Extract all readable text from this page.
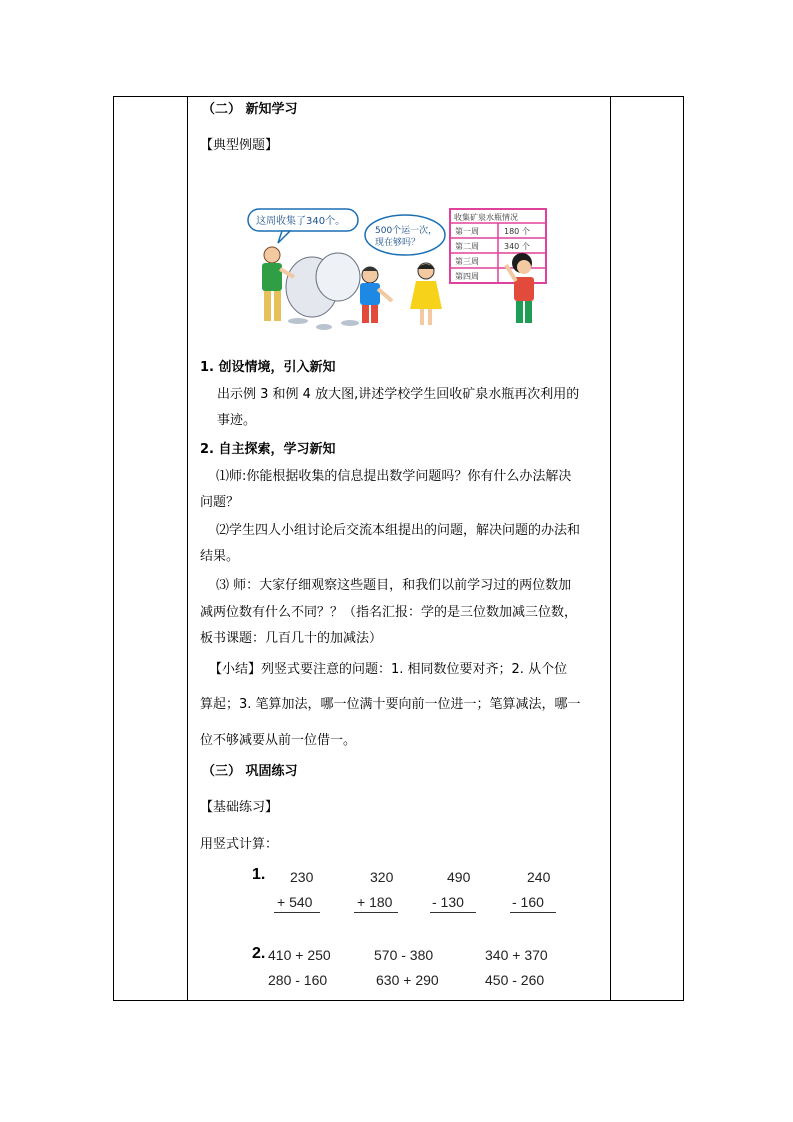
（二） 新知学习
【典型例题】
这周收集了340个。
500个运一次，
现在够吗？
收集矿泉水瓶情况
第一周	180 个
第二周	340 个
第三周
第四周
1. 创设情境，引入新知
出示例 3 和例 4 放大图,讲述学校学生回收矿泉水瓶再次利用的
事迹。
2. 自主探索，学习新知
⑴师:你能根据收集的信息提出数学问题吗？你有什么办法解决
问题？
⑵学生四人小组讨论后交流本组提出的问题，解决问题的办法和
结果。
⑶ 师：大家仔细观察这些题目，和我们以前学习过的两位数加
减两位数有什么不同？？（指名汇报：学的是三位数加减三位数，
板书课题：几百几十的加减法）
【小结】列竖式要注意的问题：1. 相同数位要对齐；2. 从个位
算起；3. 笔算加法，哪一位满十要向前一位进一；笔算减法，哪一
位不够减要从前一位借一。
（三） 巩固练习
【基础练习】
用竖式计算：
1. 230
+ 540
320
+ 180
490
- 130
240
- 160
2. 410 + 250	570 - 380	340 + 370
280 - 160	630 + 290	450 - 260
